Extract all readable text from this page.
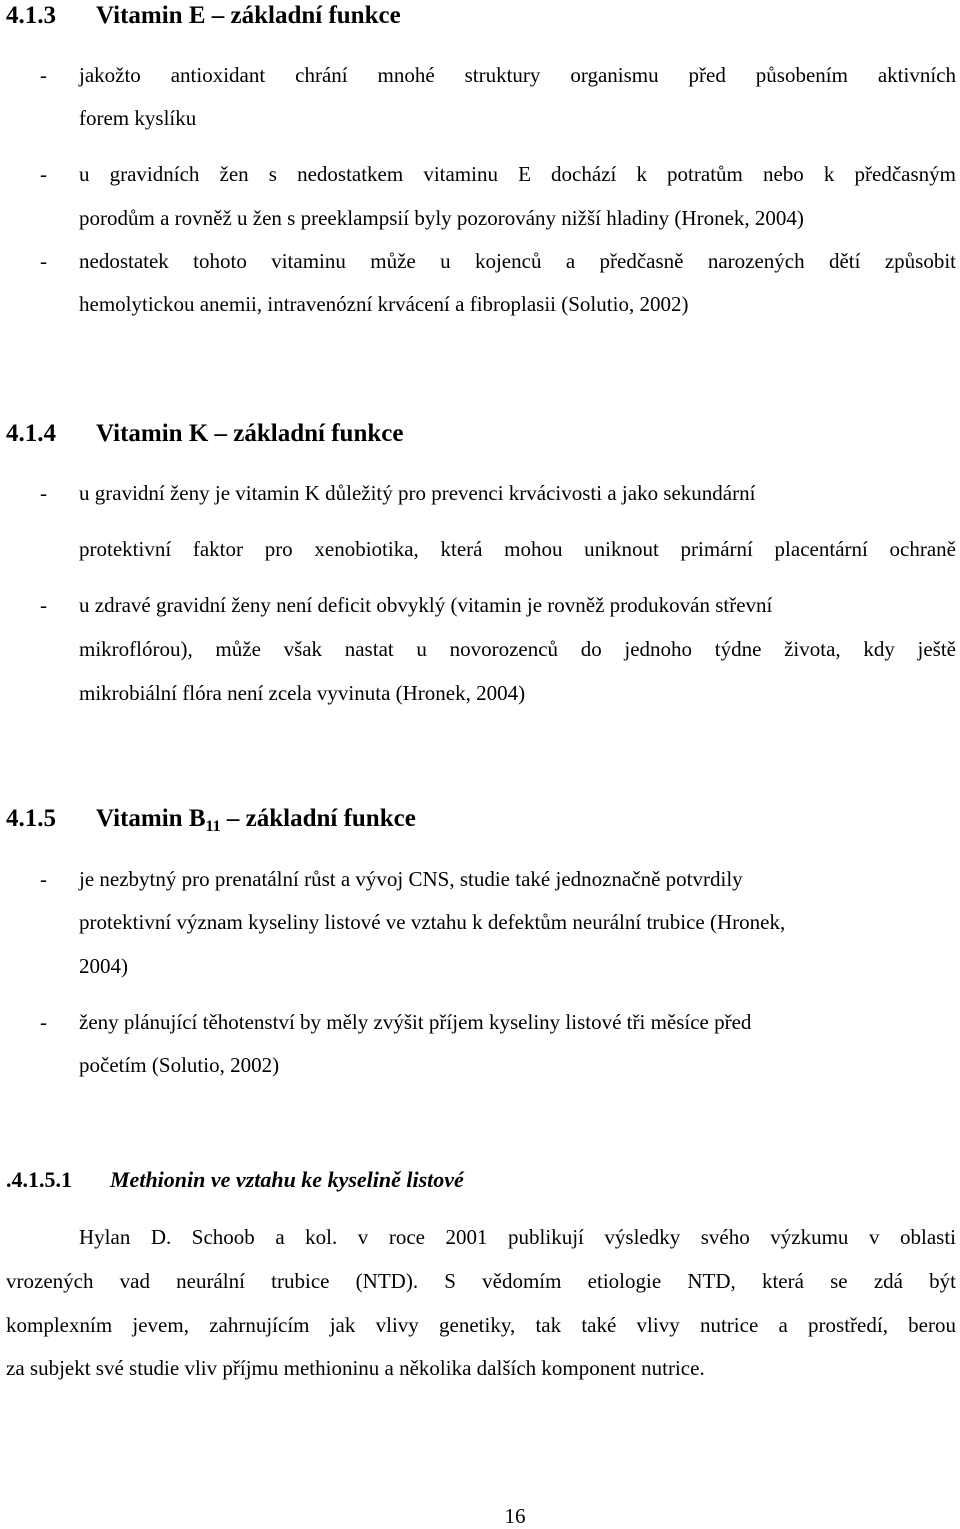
4.1.3 Vitamin E – základní funkce
- jakožto antioxidant chrání mnohé struktury organismu před působením aktivních
forem kyslíku
- u gravidních žen s nedostatkem vitaminu E dochází k potratům nebo k předčasným
porodům a rovněž u žen s preeklampsií byly pozorovány nižší hladiny (Hronek, 2004)
- nedostatek tohoto vitaminu může u kojenců a předčasně narozených dětí způsobit
hemolytickou anemii, intravenózní krvácení a fibroplasii (Solutio, 2002)
4.1.4 Vitamin K – základní funkce
- u gravidní ženy je vitamin K důležitý pro prevenci krvácivosti a jako sekundární
protektivní faktor pro xenobiotika, která mohou uniknout primární placentární ochraně
- u zdravé gravidní ženy není deficit obvyklý (vitamin je rovněž produkován střevní
mikroflórou), může však nastat u novorozenců do jednoho týdne života, kdy ještě
mikrobiální flóra není zcela vyvinuta (Hronek, 2004)
4.1.5 Vitamin $B_{11}$ – základní funkce
- je nezbytný pro prenatální růst a vývoj CNS, studie také jednoznačně potvrdily
protektivní význam kyseliny listové ve vztahu k defektům neurální trubice (Hronek,
2004)
- ženy plánující těhotenství by měly zvýšit příjem kyseliny listové tři měsíce před
početím (Solutio, 2002)
.4.1.5.1 Methionin ve vztahu ke kyselině listové
Hylan D. Schoob a kol. v roce 2001 publikují výsledky svého výzkumu v oblasti
vrozených vad neurální trubice (NTD). S vědomím etiologie NTD, která se zdá být
komplexním jevem, zahrnujícím jak vlivy genetiky, tak také vlivy nutrice a prostředí, berou
za subjekt své studie vliv příjmu methioninu a několika dalších komponent nutrice.
16
